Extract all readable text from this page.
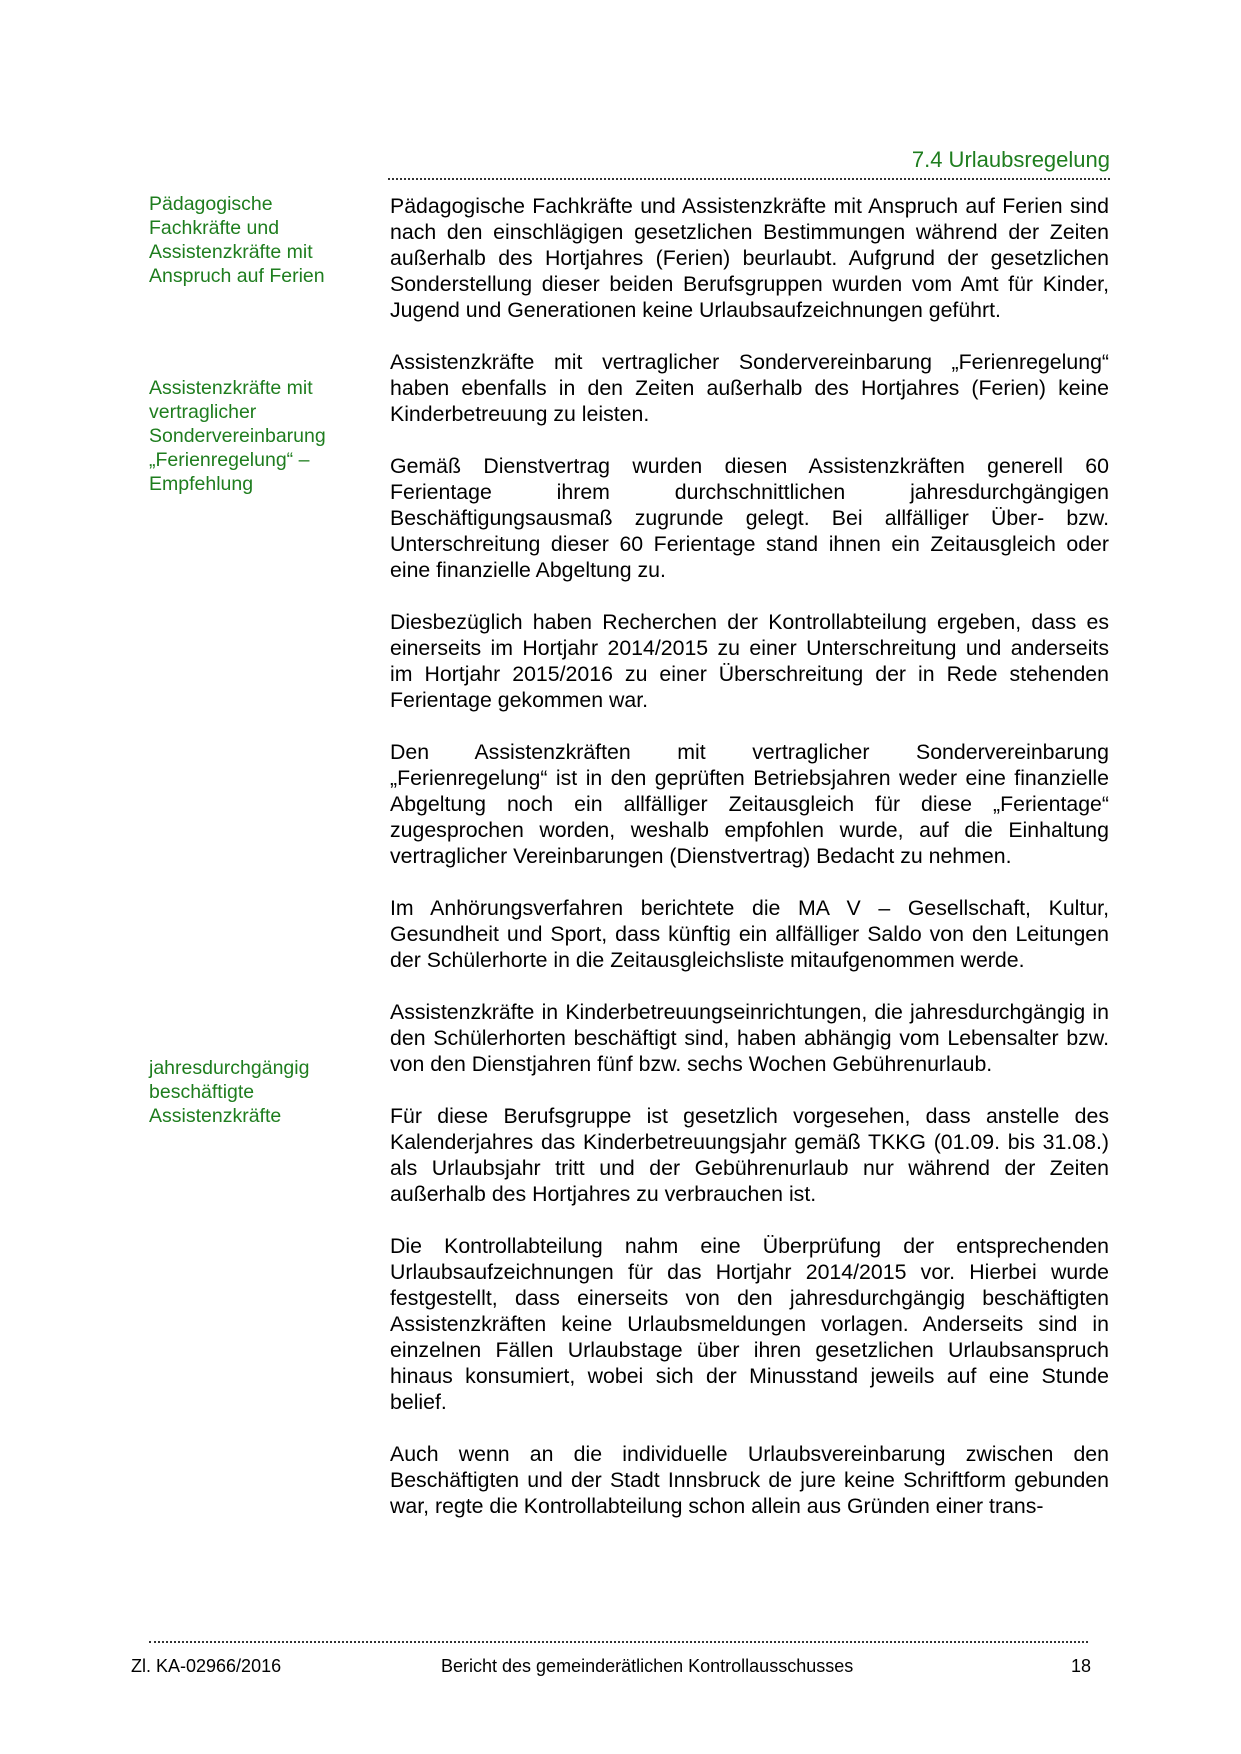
7.4 Urlaubsregelung
Pädagogische Fachkräfte und Assistenzkräfte mit Anspruch auf Ferien
Assistenzkräfte mit vertraglicher Sondervereinbarung „Ferienregelung“ – Empfehlung
jahresdurchgängig beschäftigte Assistenzkräfte

Pädagogische Fachkräfte und Assistenzkräfte mit Anspruch auf Ferien sind nach den einschlägigen gesetzlichen Bestimmungen während der Zeiten außerhalb des Hortjahres (Ferien) beurlaubt. Aufgrund der gesetzlichen Sonderstellung dieser beiden Berufsgruppen wurden vom Amt für Kinder, Jugend und Generationen keine Urlaubsaufzeichnungen geführt.

Assistenzkräfte mit vertraglicher Sondervereinbarung „Ferienregelung“ haben ebenfalls in den Zeiten außerhalb des Hortjahres (Ferien) keine Kinderbetreuung zu leisten.

Gemäß Dienstvertrag wurden diesen Assistenzkräften generell 60 Ferientage ihrem durchschnittlichen jahresdurchgängigen Beschäftigungsausmaß zugrunde gelegt. Bei allfälliger Über- bzw. Unterschreitung dieser 60 Ferientage stand ihnen ein Zeitausgleich oder eine finanzielle Abgeltung zu.

Diesbezüglich haben Recherchen der Kontrollabteilung ergeben, dass es einerseits im Hortjahr 2014/2015 zu einer Unterschreitung und anderseits im Hortjahr 2015/2016 zu einer Überschreitung der in Rede stehenden Ferientage gekommen war.

Den Assistenzkräften mit vertraglicher Sondervereinbarung „Ferienregelung“ ist in den geprüften Betriebsjahren weder eine finanzielle Abgeltung noch ein allfälliger Zeitausgleich für diese „Ferientage“ zugesprochen worden, weshalb empfohlen wurde, auf die Einhaltung vertraglicher Vereinbarungen (Dienstvertrag) Bedacht zu nehmen.

Im Anhörungsverfahren berichtete die MA V – Gesellschaft, Kultur, Gesundheit und Sport, dass künftig ein allfälliger Saldo von den Leitungen der Schülerhorte in die Zeitausgleichsliste mitaufgenommen werde.

Assistenzkräfte in Kinderbetreuungseinrichtungen, die jahresdurchgängig in den Schülerhorten beschäftigt sind, haben abhängig vom Lebensalter bzw. von den Dienstjahren fünf bzw. sechs Wochen Gebührenurlaub.

Für diese Berufsgruppe ist gesetzlich vorgesehen, dass anstelle des Kalenderjahres das Kinderbetreuungsjahr gemäß TKKG (01.09. bis 31.08.) als Urlaubsjahr tritt und der Gebührenurlaub nur während der Zeiten außerhalb des Hortjahres zu verbrauchen ist.

Die Kontrollabteilung nahm eine Überprüfung der entsprechenden Urlaubsaufzeichnungen für das Hortjahr 2014/2015 vor. Hierbei wurde festgestellt, dass einerseits von den jahresdurchgängig beschäftigten Assistenzkräften keine Urlaubsmeldungen vorlagen. Anderseits sind in einzelnen Fällen Urlaubstage über ihren gesetzlichen Urlaubsanspruch hinaus konsumiert, wobei sich der Minusstand jeweils auf eine Stunde belief.

Auch wenn an die individuelle Urlaubsvereinbarung zwischen den Beschäftigten und der Stadt Innsbruck de jure keine Schriftform gebunden war, regte die Kontrollabteilung schon allein aus Gründen einer trans-

Zl. KA-02966/2016	Bericht des gemeinderätlichen Kontrollausschusses	18
